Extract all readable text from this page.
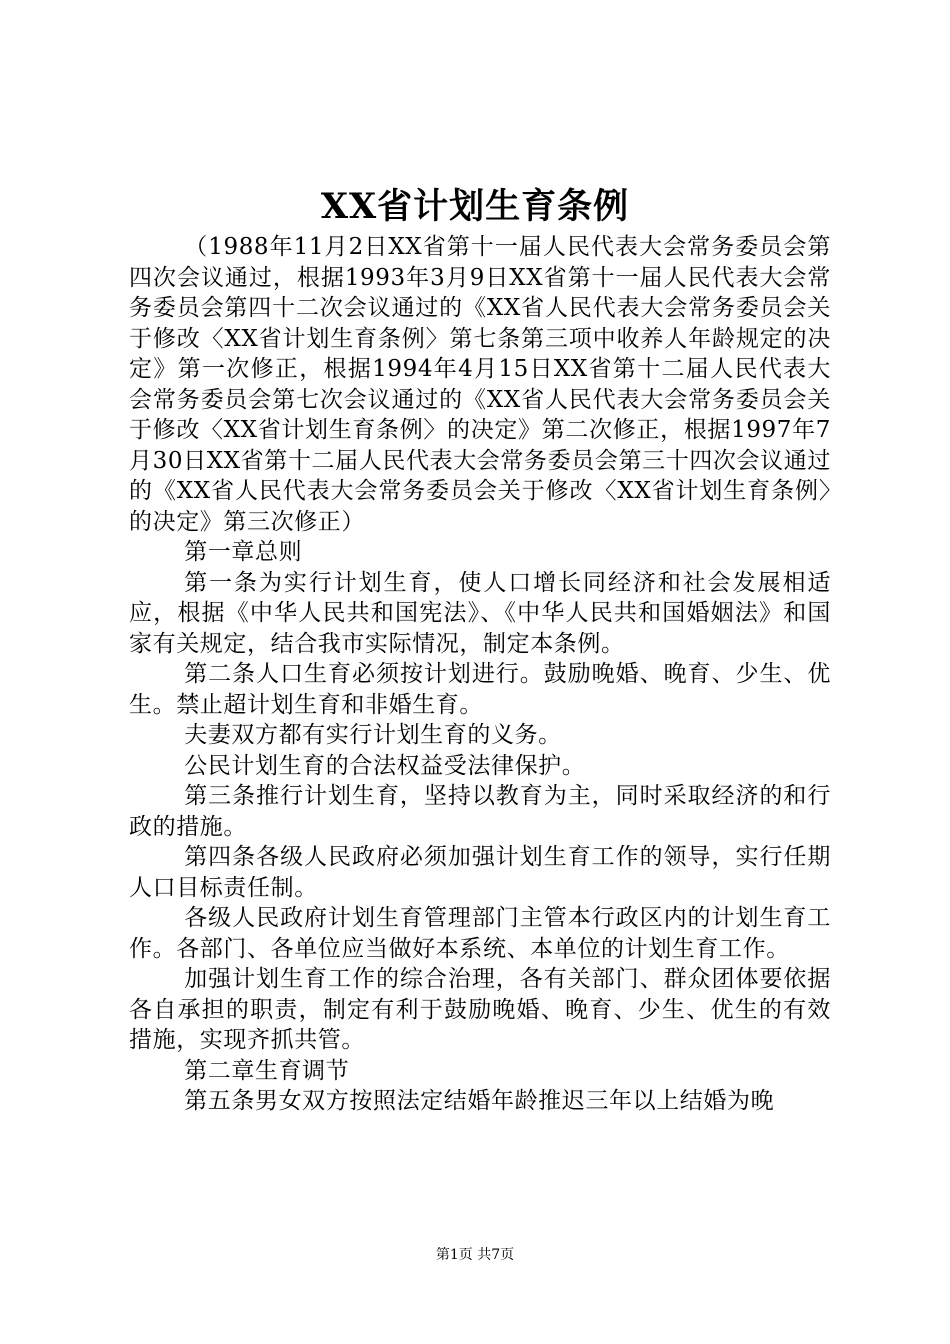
XX省计划生育条例

（1988年11月2日XX省第十一届人民代表大会常务委员会第四次会议通过，根据1993年3月9日XX省第十一届人民代表大会常务委员会第四十二次会议通过的《XX省人民代表大会常务委员会关于修改〈XX省计划生育条例〉第七条第三项中收养人年龄规定的决定》第一次修正，根据1994年4月15日XX省第十二届人民代表大会常务委员会第七次会议通过的《XX省人民代表大会常务委员会关于修改〈XX省计划生育条例〉的决定》第二次修正，根据1997年7月30日XX省第十二届人民代表大会常务委员会第三十四次会议通过的《XX省人民代表大会常务委员会关于修改〈XX省计划生育条例〉的决定》第三次修正）

第一章总则

第一条为实行计划生育，使人口增长同经济和社会发展相适应，根据《中华人民共和国宪法》、《中华人民共和国婚姻法》和国家有关规定，结合我市实际情况，制定本条例。

第二条人口生育必须按计划进行。鼓励晚婚、晚育、少生、优生。禁止超计划生育和非婚生育。

夫妻双方都有实行计划生育的义务。

公民计划生育的合法权益受法律保护。

第三条推行计划生育，坚持以教育为主，同时采取经济的和行政的措施。

第四条各级人民政府必须加强计划生育工作的领导，实行任期人口目标责任制。

各级人民政府计划生育管理部门主管本行政区内的计划生育工作。各部门、各单位应当做好本系统、本单位的计划生育工作。

加强计划生育工作的综合治理，各有关部门、群众团体要依据各自承担的职责，制定有利于鼓励晚婚、晚育、少生、优生的有效措施，实现齐抓共管。

第二章生育调节

第五条男女双方按照法定结婚年龄推迟三年以上结婚为晚

第1页 共7页
